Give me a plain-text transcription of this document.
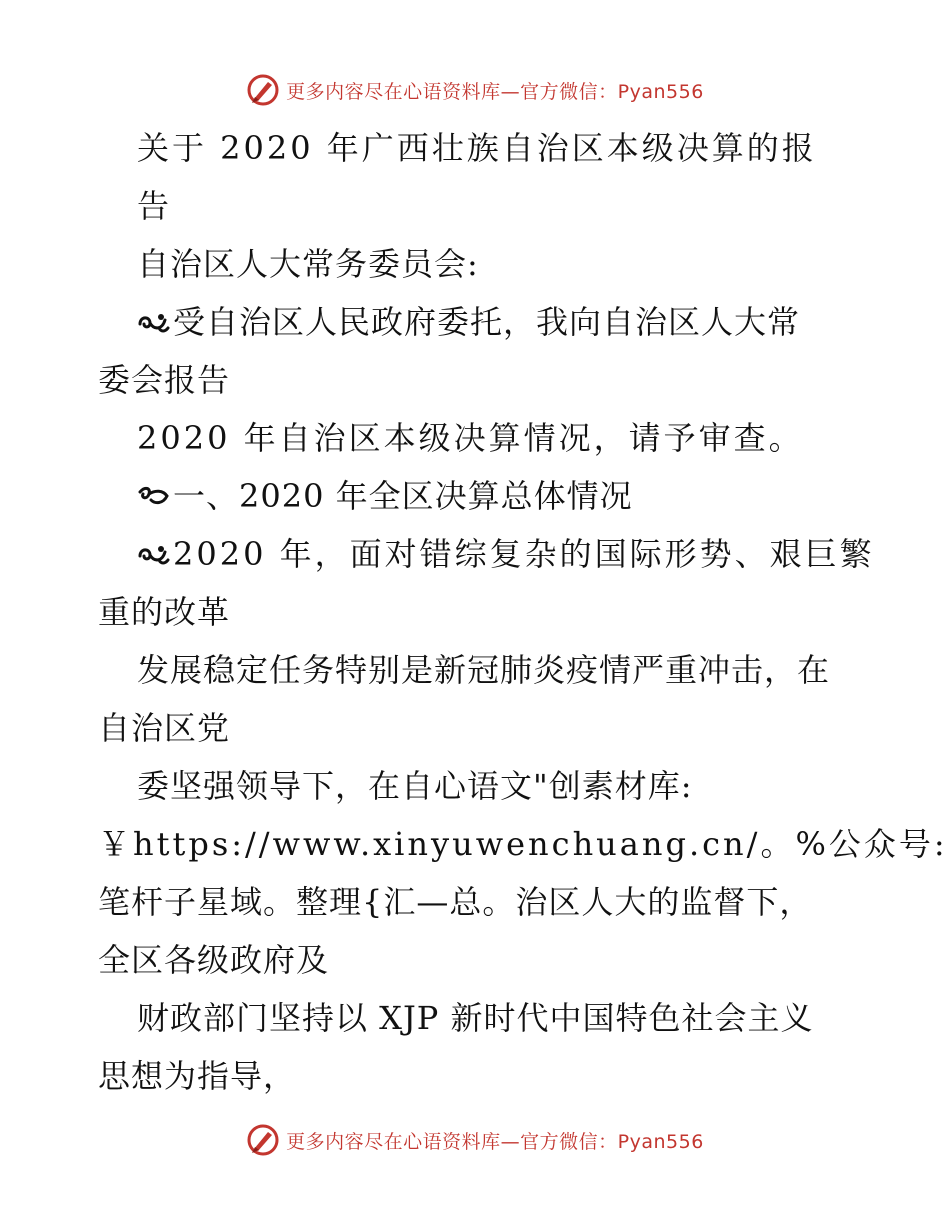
更多内容尽在心语资料库—官方微信：Pyan556
关于 2020 年广西壮族自治区本级决算的报
告
自治区人大常务委员会:
受自治区人民政府委托，我向自治区人大常
委会报告
2020 年自治区本级决算情况，请予审查。
一、2020 年全区决算总体情况
2020 年，面对错综复杂的国际形势、艰巨繁
重的改革
发展稳定任务特别是新冠肺炎疫情严重冲击，在
自治区党
委坚强领导下，在自心语文"创素材库:
￥https://www.xinyuwenchuang.cn/。%公众号:
笔杆子星域。整理{汇—总。治区人大的监督下，
全区各级政府及
财政部门坚持以 XJP 新时代中国特色社会主义
思想为指导，
更多内容尽在心语资料库—官方微信：Pyan556
